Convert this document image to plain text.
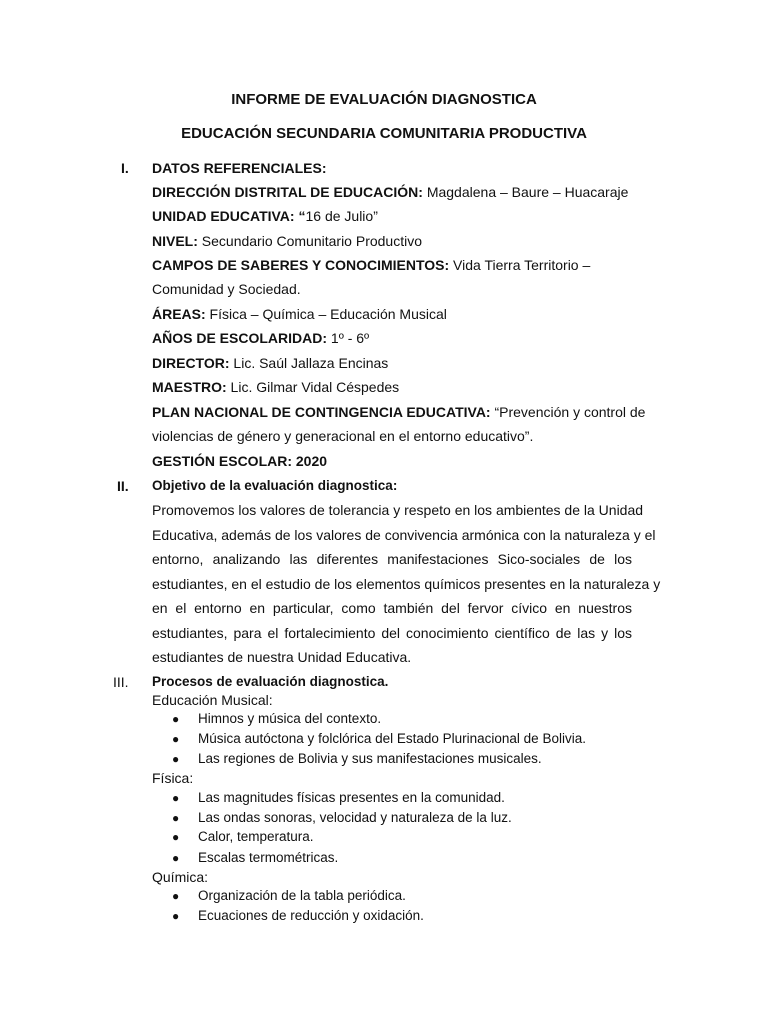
INFORME DE EVALUACIÓN DIAGNOSTICA
EDUCACIÓN SECUNDARIA COMUNITARIA PRODUCTIVA
I. DATOS REFERENCIALES:
DIRECCIÓN DISTRITAL DE EDUCACIÓN: Magdalena – Baure – Huacaraje
UNIDAD EDUCATIVA: “16 de Julio”
NIVEL: Secundario Comunitario Productivo
CAMPOS DE SABERES Y CONOCIMIENTOS: Vida Tierra Territorio –
Comunidad y Sociedad.
ÁREAS: Física – Química – Educación Musical
AÑOS DE ESCOLARIDAD: 1º - 6º
DIRECTOR: Lic. Saúl Jallaza Encinas
MAESTRO: Lic. Gilmar Vidal Céspedes
PLAN NACIONAL DE CONTINGENCIA EDUCATIVA: “Prevención y control de
violencias de género y generacional en el entorno educativo”.
GESTIÓN ESCOLAR: 2020
II. Objetivo de la evaluación diagnostica:
Promovemos los valores de tolerancia y respeto en los ambientes de la Unidad
Educativa, además de los valores de convivencia armónica con la naturaleza y el
entorno, analizando las diferentes manifestaciones Sico-sociales de los
estudiantes, en el estudio de los elementos químicos presentes en la naturaleza y
en el entorno en particular, como también del fervor cívico en nuestros
estudiantes, para el fortalecimiento del conocimiento científico de las y los
estudiantes de nuestra Unidad Educativa.
III. Procesos de evaluación diagnostica.
Educación Musical:
● Himnos y música del contexto.
● Música autóctona y folclórica del Estado Plurinacional de Bolivia.
● Las regiones de Bolivia y sus manifestaciones musicales.
Física:
● Las magnitudes físicas presentes en la comunidad.
● Las ondas sonoras, velocidad y naturaleza de la luz.
● Calor, temperatura.
● Escalas termométricas.
Química:
● Organización de la tabla periódica.
● Ecuaciones de reducción y oxidación.
